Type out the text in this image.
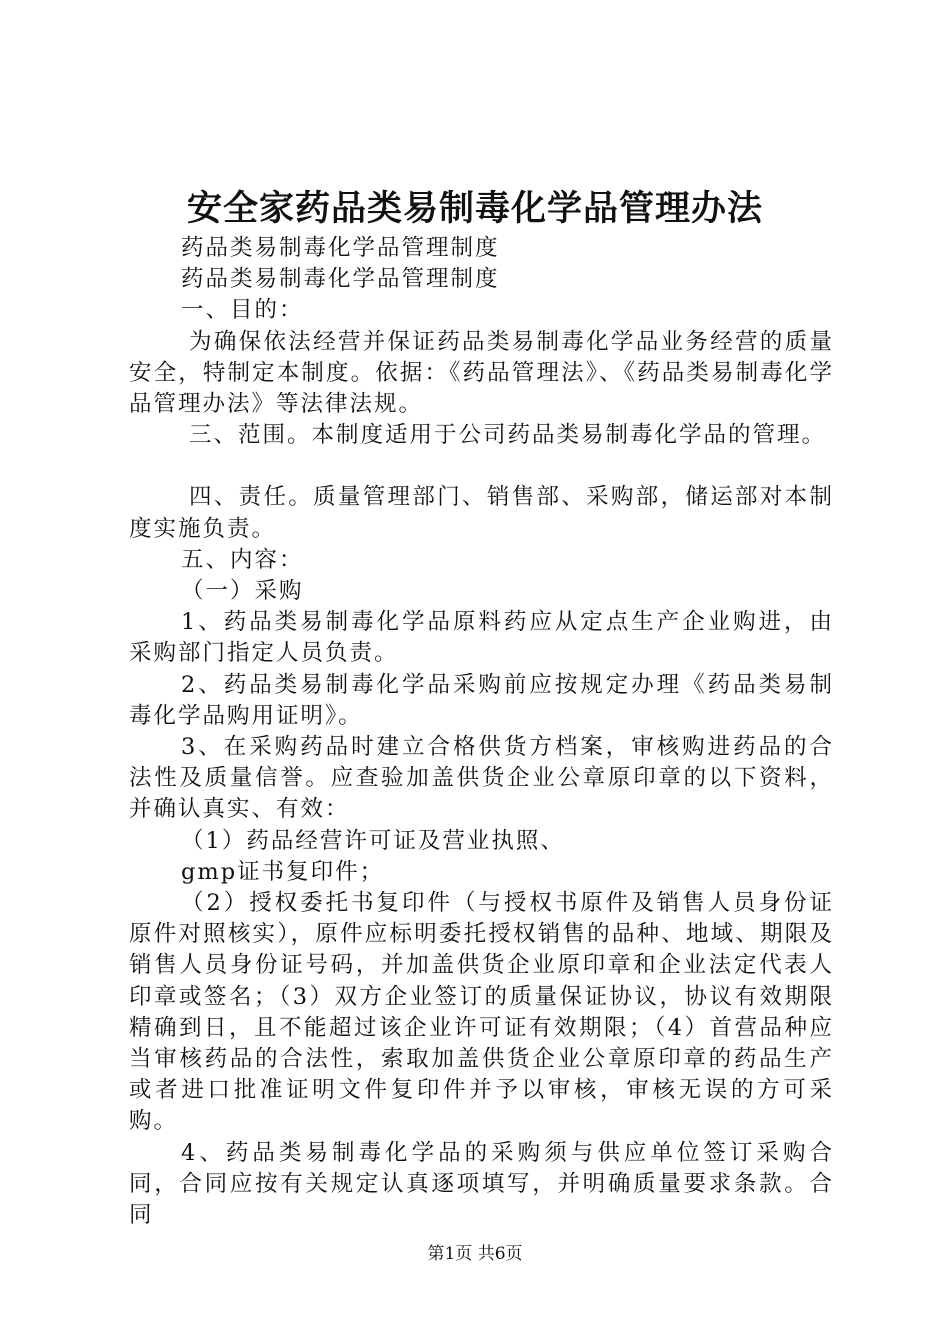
安全家药品类易制毒化学品管理办法

药品类易制毒化学品管理制度

药品类易制毒化学品管理制度

一、目的：

为确保依法经营并保证药品类易制毒化学品业务经营的质量安全，特制定本制度。依据：《药品管理法》、《药品类易制毒化学品管理办法》等法律法规。

三、范围。本制度适用于公司药品类易制毒化学品的管理。

四、责任。质量管理部门、销售部、采购部，储运部对本制度实施负责。

五、内容：

（一）采购

1、药品类易制毒化学品原料药应从定点生产企业购进，由采购部门指定人员负责。

2、药品类易制毒化学品采购前应按规定办理《药品类易制毒化学品购用证明》。

3、在采购药品时建立合格供货方档案，审核购进药品的合法性及质量信誉。应查验加盖供货企业公章原印章的以下资料，并确认真实、有效：

（1）药品经营许可证及营业执照、

gmp证书复印件；

（2）授权委托书复印件（与授权书原件及销售人员身份证原件对照核实），原件应标明委托授权销售的品种、地域、期限及销售人员身份证号码，并加盖供货企业原印章和企业法定代表人印章或签名；（3）双方企业签订的质量保证协议，协议有效期限精确到日，且不能超过该企业许可证有效期限；（4）首营品种应当审核药品的合法性，索取加盖供货企业公章原印章的药品生产或者进口批准证明文件复印件并予以审核，审核无误的方可采购。

4、药品类易制毒化学品的采购须与供应单位签订采购合同，合同应按有关规定认真逐项填写，并明确质量要求条款。合同

第1页 共6页
